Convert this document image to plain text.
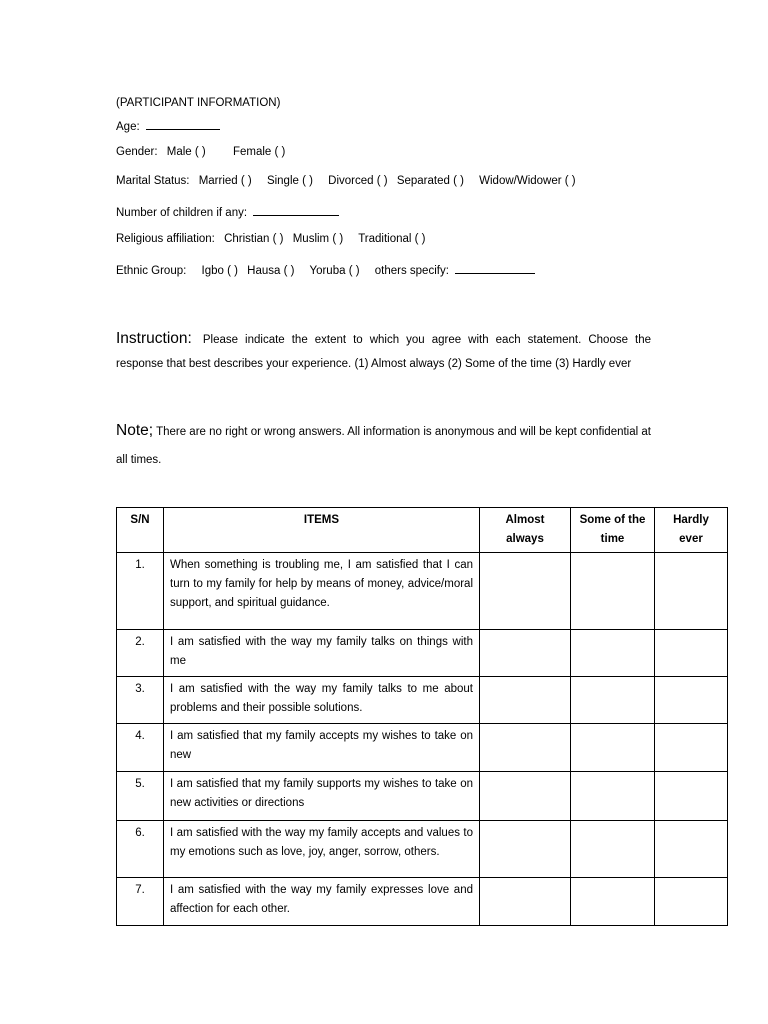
(PARTICIPANT INFORMATION)
Age:
Gender: Male ( ) Female ( )
Marital Status: Married ( ) Single ( ) Divorced ( ) Separated ( ) Widow/Widower ( )
Number of children if any:
Religious affiliation: Christian ( ) Muslim ( ) Traditional ( )
Ethnic Group: Igbo ( ) Hausa ( ) Yoruba ( ) others specify:
Instruction: Please indicate the extent to which you agree with each statement. Choose the response that best describes your experience. (1) Almost always (2) Some of the time (3) Hardly ever
Note; There are no right or wrong answers. All information is anonymous and will be kept confidential at all times.
S/N	ITEMS	Almost always	Some of the time	Hardly ever
1.	When something is troubling me, I am satisfied that I can turn to my family for help by means of money, advice/moral support, and spiritual guidance.			
2.	I am satisfied with the way my family talks on things with me			
3.	I am satisfied with the way my family talks to me about problems and their possible solutions.			
4.	I am satisfied that my family accepts my wishes to take on new			
5.	I am satisfied that my family supports my wishes to take on new activities or directions			
6.	I am satisfied with the way my family accepts and values to my emotions such as love, joy, anger, sorrow, others.			
7.	I am satisfied with the way my family expresses love and affection for each other.			
